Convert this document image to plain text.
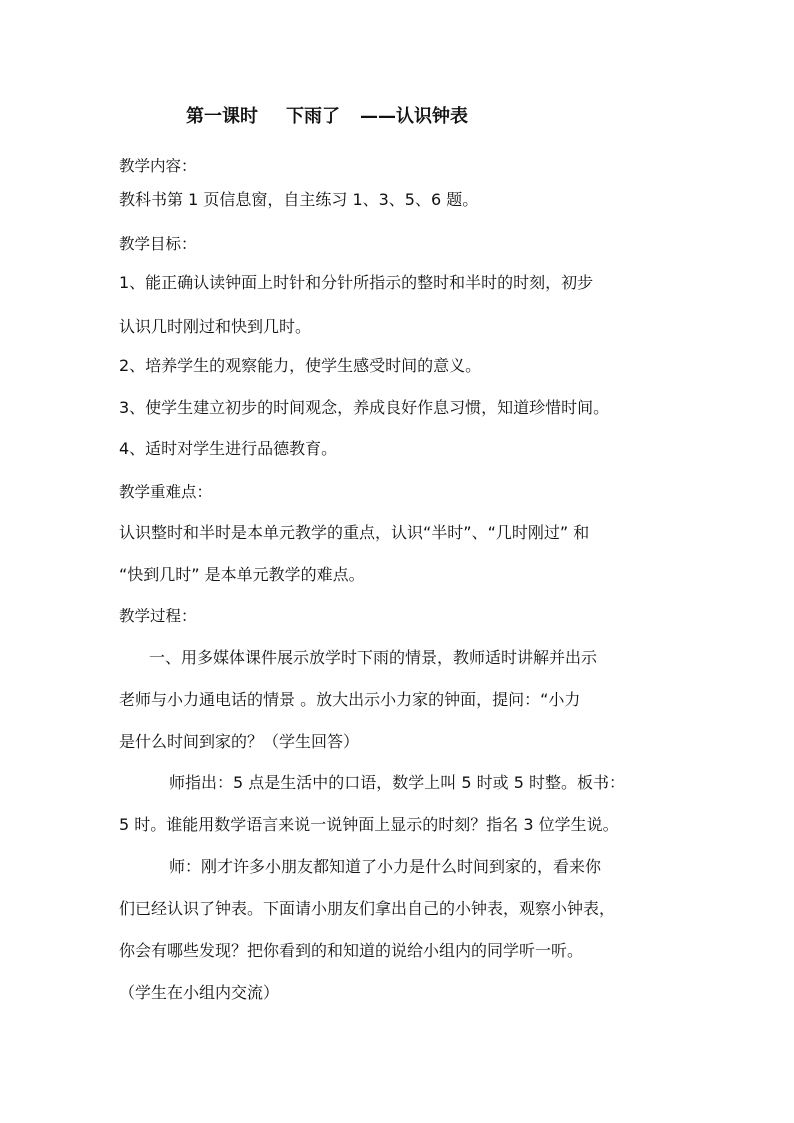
第一课时 下雨了 ——认识钟表
教学内容：
教科书第 1 页信息窗，自主练习 1、3、5、6 题。
教学目标：
1、能正确认读钟面上时针和分针所指示的整时和半时的时刻，初步
认识几时刚过和快到几时。
2、培养学生的观察能力，使学生感受时间的意义。
3、使学生建立初步的时间观念，养成良好作息习惯，知道珍惜时间。
4、适时对学生进行品德教育。
教学重难点：
认识整时和半时是本单元教学的重点，认识“半时”、“几时刚过” 和
“快到几时” 是本单元教学的难点。
教学过程：
一、用多媒体课件展示放学时下雨的情景，教师适时讲解并出示
老师与小力通电话的情景 。放大出示小力家的钟面，提问：“小力
是什么时间到家的？（学生回答）
师指出：5 点是生活中的口语，数学上叫 5 时或 5 时整。板书：
5 时。谁能用数学语言来说一说钟面上显示的时刻？指名 3 位学生说。
师：刚才许多小朋友都知道了小力是什么时间到家的，看来你
们已经认识了钟表。下面请小朋友们拿出自己的小钟表，观察小钟表，
你会有哪些发现？把你看到的和知道的说给小组内的同学听一听。
（学生在小组内交流）
